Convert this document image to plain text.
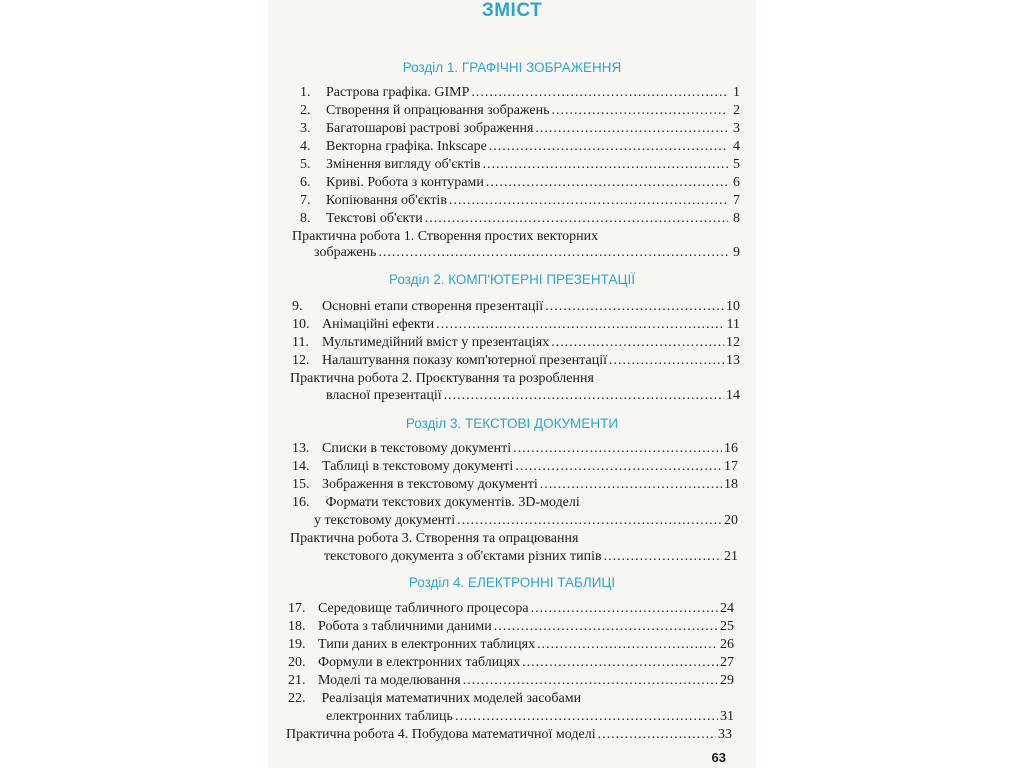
ЗМІСТ
Розділ 1. ГРАФІЧНІ ЗОБРАЖЕННЯ
1.	Растрова графіка. GIMP .....	1
2.	Створення й опрацювання зображень .....	2
3.	Багатошарові растрові зображення .....	3
4.	Векторна графіка. Inkscape .....	4
5.	Змінення вигляду об'єктів .....	5
6.	Криві. Робота з контурами .....	6
7.	Копіювання об'єктів .....	7
8.	Текстові об'єкти .....	8
Практична робота 1. Створення простих векторних
зображень .....	9
Розділ 2. КОМП'ЮТЕРНІ ПРЕЗЕНТАЦІЇ
9.	Основні етапи створення презентації .....	10
10. Анімаційні ефекти .....	11
11. Мультимедійний вміст у презентаціях .....	12
12. Налаштування показу комп'ютерної презентації .....	13
Практична робота 2. Проєктування та розроблення
власної презентації .....	14
Розділ 3. ТЕКСТОВІ ДОКУМЕНТИ
13. Списки в текстовому документі .....	16
14. Таблиці в текстовому документі .....	17
15. Зображення в текстовому документі .....	18
16. Формати текстових документів. 3D-моделі
у текстовому документі .....	20
Практична робота 3. Створення та опрацювання
текстового документа з об'єктами різних типів .....	21
Розділ 4. ЕЛЕКТРОННІ ТАБЛИЦІ
17. Середовище табличного процесора .....	24
18. Робота з табличними даними .....	25
19. Типи даних в електронних таблицях .....	26
20. Формули в електронних таблицях .....	27
21. Моделі та моделювання .....	29
22. Реалізація математичних моделей засобами
електронних таблиць .....	31
Практична робота 4. Побудова математичної моделі .....	33
63
